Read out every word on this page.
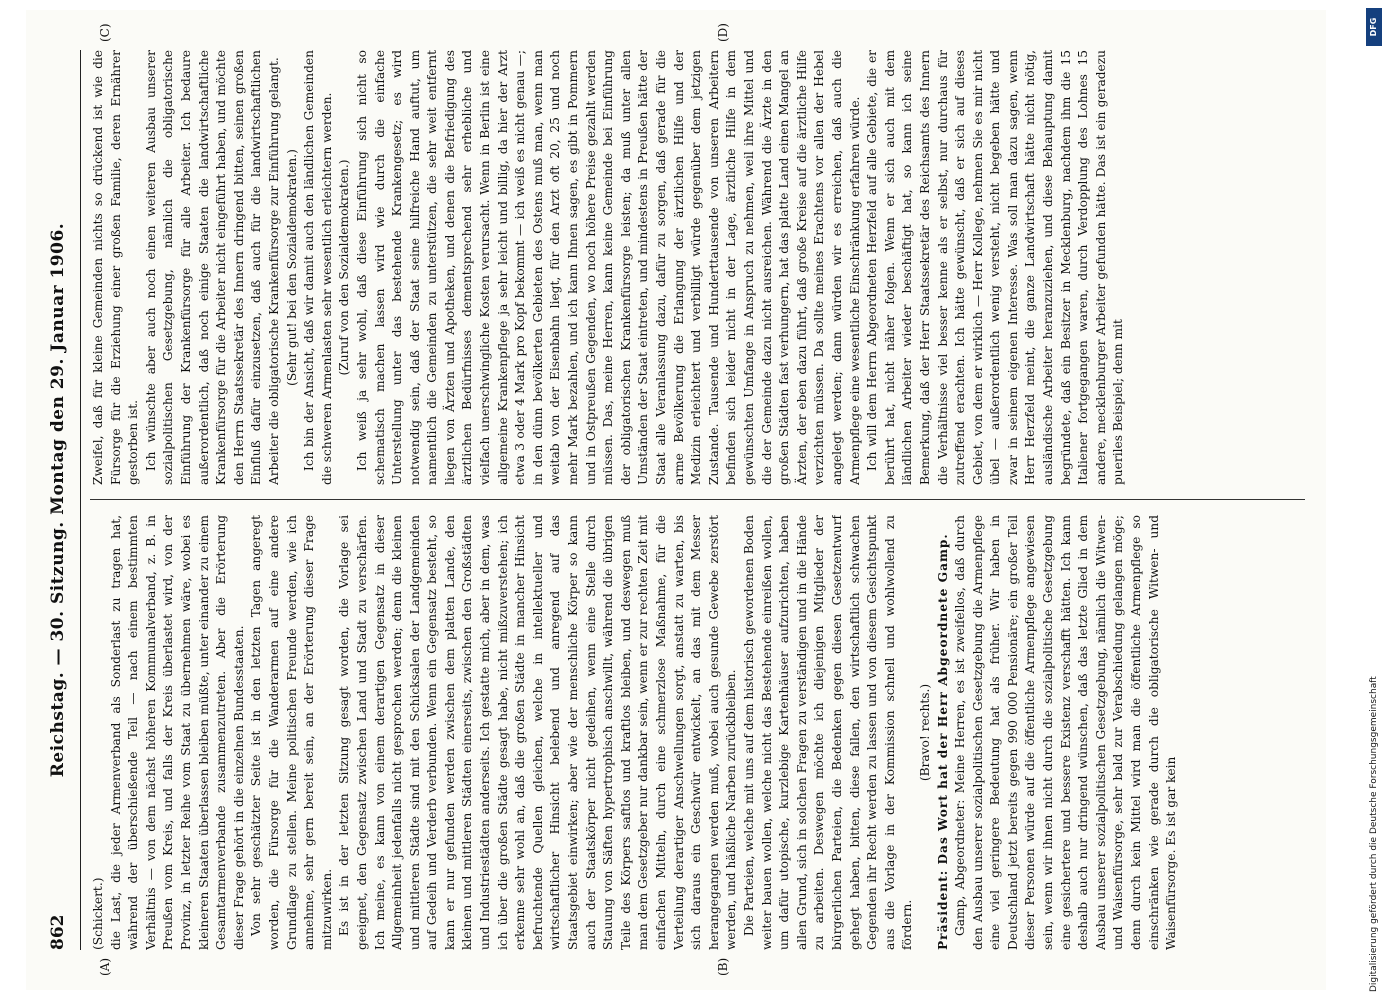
862
Reichstag. — 30. Sitzung. Montag den 29. Januar 1906.
(A)	(B)
(C)	(D)

(Schickert.) die Last, die jeder Armenverband als Sonderlast zu tragen hat, während der überschießende Teil — nach einem bestimmten Verhältnis — von dem nächst höheren Kommunalverband, z. B. in Preußen vom Kreis, und falls der Kreis überlastet wird, von der Provinz, in letzter Reihe vom Staat zu übernehmen wäre, wobei es kleineren Staaten überlassen bleiben müßte, unter einander zu einem Gesamtarmenverbande zusammenzutreten. Aber die Erörterung dieser Frage gehört in die einzelnen Bundesstaaten. Von sehr geschätzter Seite ist in den letzten Tagen angeregt worden, die Fürsorge für die Wanderarmen auf eine andere Grundlage zu stellen. Meine politischen Freunde werden, wie ich annehme, sehr gern bereit sein, an der Erörterung dieser Frage mitzuwirken. Es ist in der letzten Sitzung gesagt worden, die Vorlage sei geeignet, den Gegensatz zwischen Land und Stadt zu verschärfen. Ich meine, es kann von einem derartigen Gegensatz in dieser Allgemeinheit jedenfalls nicht gesprochen werden; denn die kleinen und mittleren Städte sind mit den Schicksalen der Landgemeinden auf Gedeih und Verderb verbunden. Wenn ein Gegensatz besteht, so kann er nur gefunden werden zwischen dem platten Lande, den kleinen und mittleren Städten einerseits, zwischen den Großstädten und Industriestädten anderseits. Ich gestatte mich, aber in dem, was ich über die großen Städte gesagt habe, nicht mißzuverstehen; ich erkenne sehr wohl an, daß die großen Städte in mancher Hinsicht befruchtende Quellen gleichen, welche in intellektueller und wirtschaftlicher Hinsicht belebend und anregend auf das Staatsgebiet einwirken; aber wie der menschliche Körper so kann auch der Staatskörper nicht gedeihen, wenn eine Stelle durch Stauung von Säften hypertrophisch anschwillt, während die übrigen Teile des Körpers saftlos und kraftlos bleiben, und deswegen muß man dem Gesetzgeber nur dankbar sein, wenn er zur rechten Zeit mit einfachen Mitteln, durch eine schmerzlose Maßnahme, für die Verteilung derartiger Anschwellungen sorgt, anstatt zu warten, bis sich daraus ein Geschwür entwickelt, an das mit dem Messer herangegangen werden muß, wobei auch gesunde Gewebe zerstört werden, und häßliche Narben zurückbleiben. Die Parteien, welche mit uns auf dem historisch gewordenen Boden weiter bauen wollen, welche nicht das Bestehende einreißen wollen, um dafür utopische, kurzlebige Kartenhäuser aufzurichten, haben allen Grund, sich in solchen Fragen zu verständigen und in die Hände zu arbeiten. Deswegen möchte ich diejenigen Mitglieder der bürgerlichen Parteien, die Bedenken gegen diesen Gesetzentwurf gehegt haben, bitten, diese fallen, den wirtschaftlich schwachen Gegenden ihr Recht werden zu lassen und von diesem Gesichtspunkt aus die Vorlage in der Kommission schnell und wohlwollend zu fördern.

(Bravo! rechts.) Präsident: Das Wort hat der Herr Abgeordnete Gamp. Gamp, Abgeordneter: Meine Herren, es ist zweifellos, daß durch den Ausbau unserer sozialpolitischen Gesetzgebung die Armenpflege eine viel geringere Bedeutung hat als früher. Wir haben in Deutschland jetzt bereits gegen 990 000 Pensionäre; ein großer Teil dieser Personen würde auf die öffentliche Armenpflege angewiesen sein, wenn wir ihnen nicht durch die sozialpolitische Gesetzgebung eine gesichertere und bessere Existenz verschafft hätten. Ich kann deshalb auch nur dringend wünschen, daß das letzte Glied in dem Ausbau unserer sozialpolitischen Gesetzgebung, nämlich die Witwen- und Waisenfürsorge, sehr bald zur Verabschiedung gelangen möge; denn durch kein Mittel wird man die öffentliche Armenpflege so einschränken wie gerade durch die obligatorische Witwen- und Waisenfürsorge. Es ist gar kein

Zweifel, daß für kleine Gemeinden nichts so drückend ist wie die Fürsorge für die Erziehung einer großen Familie, deren Ernährer gestorben ist. Ich wünschte aber auch noch einen weiteren Ausbau unserer sozialpolitischen Gesetzgebung, nämlich die obligatorische Einführung der Krankenfürsorge für alle Arbeiter. Ich bedaure außerordentlich, daß noch einige Staaten die landwirtschaftliche Krankenfürsorge für die Arbeiter nicht eingeführt haben, und möchte den Herrn Staatssekretär des Innern dringend bitten, seinen großen Einfluß dafür einzusetzen, daß auch für die landwirtschaftlichen Arbeiter die obligatorische Krankenfürsorge zur Einführung gelangt. (Sehr gut! bei den Sozialdemokraten.) Ich bin der Ansicht, daß wir damit auch den ländlichen Gemeinden die schweren Armenlasten sehr wesentlich erleichtern werden. (Zuruf von den Sozialdemokraten.) Ich weiß ja sehr wohl, daß diese Einführung sich nicht so schematisch machen lassen wird wie durch die einfache Unterstellung unter das bestehende Krankengesetz; es wird notwendig sein, daß der Staat seine hilfreiche Hand auftut, um namentlich die Gemeinden zu unterstützen, die sehr weit entfernt liegen von Ärzten und Apotheken, und denen die Befriedigung des ärztlichen Bedürfnisses dementsprechend sehr erhebliche und vielfach unerschwingliche Kosten verursacht. Wenn in Berlin ist eine allgemeine Krankenpflege ja sehr leicht und billig, da hier der Arzt etwa 3 oder 4 Mark pro Kopf bekommt — ich weiß es nicht genau —; in den dünn bevölkerten Gebieten des Ostens muß man, wenn man weitab von der Eisenbahn liegt, für den Arzt oft 20, 25 und noch mehr Mark bezahlen, und ich kann Ihnen sagen, es gibt in Pommern und in Ostpreußen Gegenden, wo noch höhere Preise gezahlt werden müssen. Das, meine Herren, kann keine Gemeinde bei Einführung der obligatorischen Krankenfürsorge leisten; da muß unter allen Umständen der Staat eintreten, und mindestens in Preußen hätte der Staat alle Veranlassung dazu, dafür zu sorgen, daß gerade für die arme Bevölkerung die Erlangung der ärztlichen Hilfe und der Medizin erleichtert und verbilligt würde gegenüber dem jetzigen Zustande. Tausende und Hunderttausende von unseren Arbeitern befinden sich leider nicht in der Lage, ärztliche Hilfe in dem gewünschten Umfange in Anspruch zu nehmen, weil ihre Mittel und die der Gemeinde dazu nicht ausreichen. Während die Ärzte in den großen Städten fast verhungern, hat das platte Land einen Mangel an Ärzten, der eben dazu führt, daß große Kreise auf die ärztliche Hilfe verzichten müssen. Da sollte meines Erachtens vor allen der Hebel angelegt werden; dann würden wir es erreichen, daß auch die Armenpflege eine wesentliche Einschränkung erfahren würde. Ich will dem Herrn Abgeordneten Herzfeld auf alle Gebiete, die er berührt hat, nicht näher folgen. Wenn er sich auch mit dem ländlichen Arbeiter wieder beschäftigt hat, so kann ich seine Bemerkung, daß der Herr Staatssekretär des Reichsamts des Innern die Verhältnisse viel besser kenne als er selbst, nur durchaus für zutreffend erachten. Ich hätte gewünscht, daß er sich auf dieses Gebiet, von dem er wirklich — Herr Kollege, nehmen Sie es mir nicht übel — außerordentlich wenig versteht, nicht begeben hätte und zwar in seinem eigenen Interesse. Was soll man dazu sagen, wenn Herr Herzfeld meint, die ganze Landwirtschaft hätte nicht nötig, ausländische Arbeiter heranzuziehen, und diese Behauptung damit begründete, daß ein Besitzer in Mecklenburg, nachdem ihm die 15 Italiener fortgegangen waren, durch Verdopplung des Lohnes 15 andere, mecklenburger Arbeiter gefunden hätte. Das ist ein geradezu pueriles Beispiel; denn mit

DFG
Digitalisierung gefördert durch die Deutsche Forschungsgemeinschaft
